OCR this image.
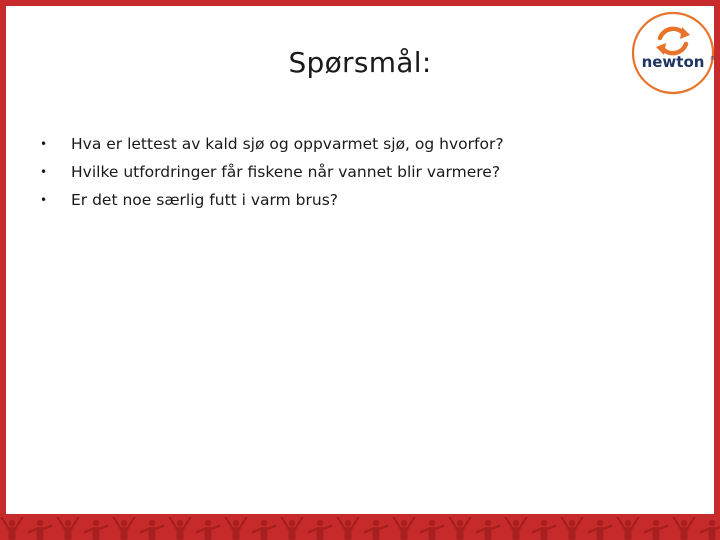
Spørsmål:
•	Hva er lettest av kald sjø og oppvarmet sjø, og hvorfor?
•	Hvilke utfordringer får fiskene når vannet blir varmere?
•	Er det noe særlig futt i varm brus?
newton ®
